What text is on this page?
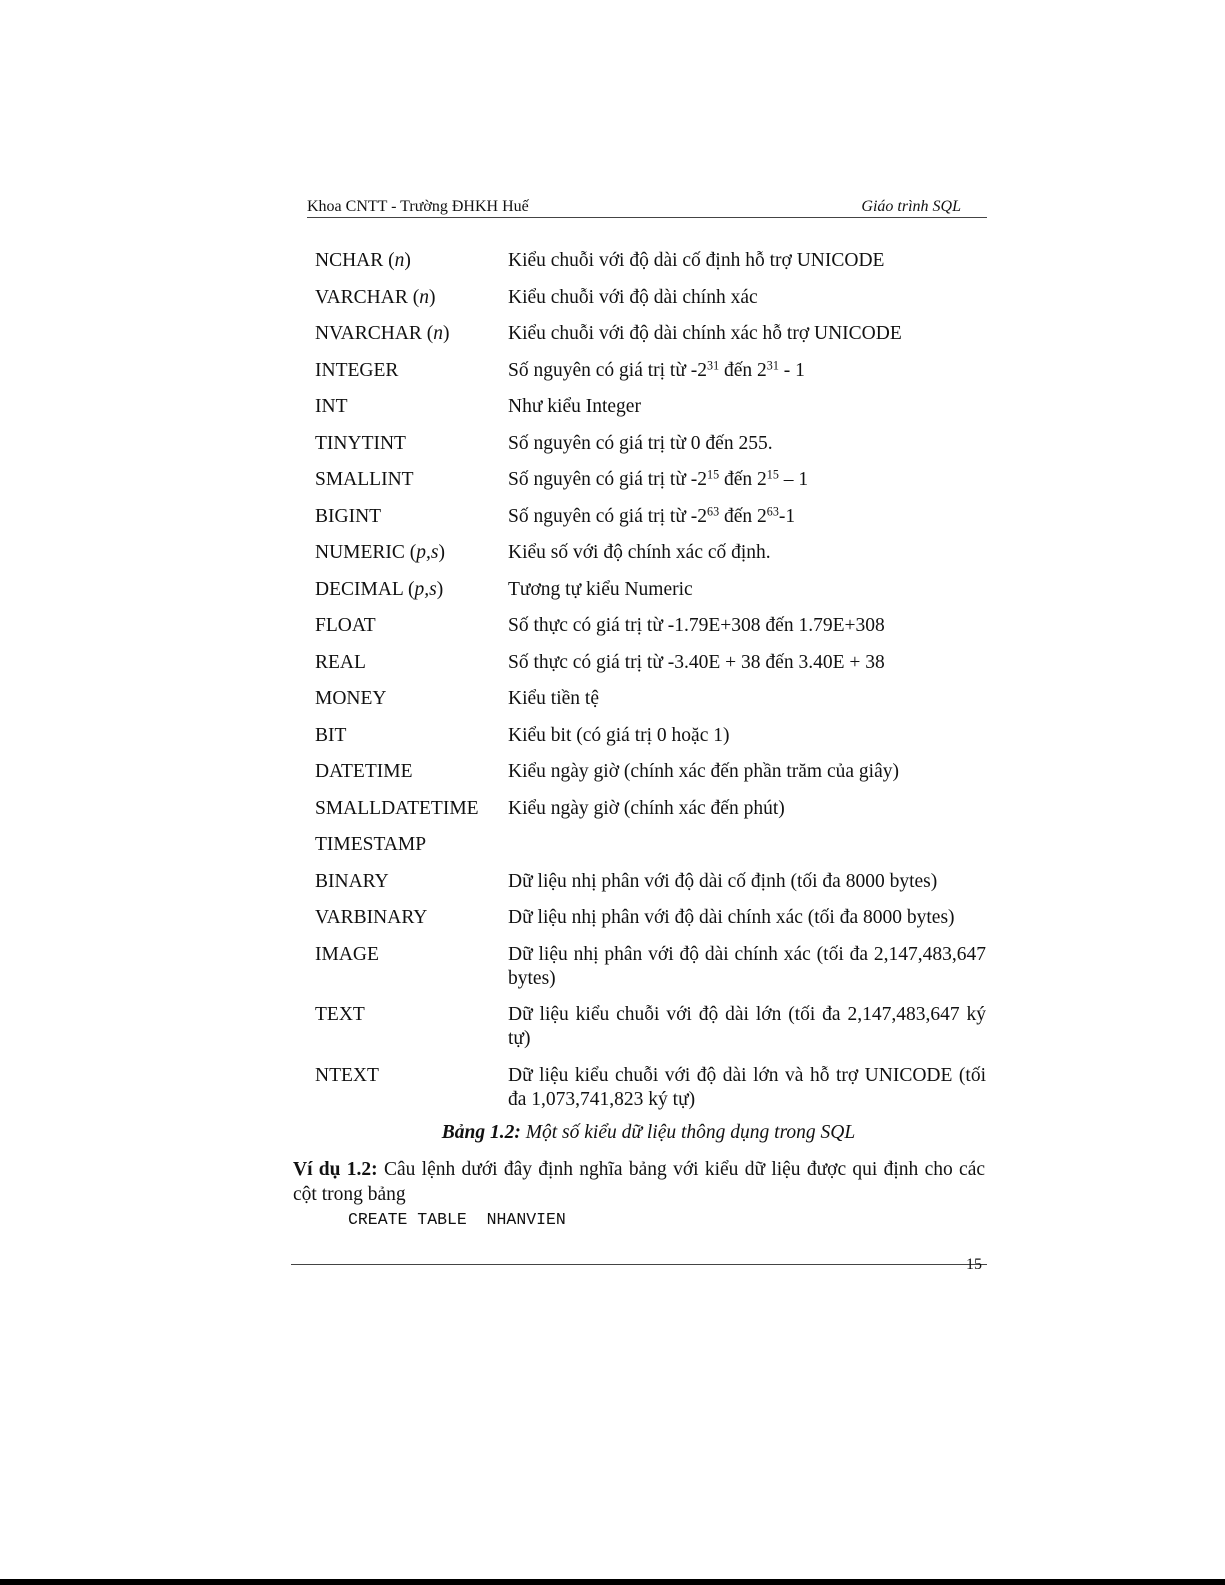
Khoa CNTT - Trường ĐHKH Huế	Giáo trình SQL
NCHAR (n)	Kiểu chuỗi với độ dài cố định hỗ trợ UNICODE
VARCHAR (n)	Kiểu chuỗi với độ dài chính xác
NVARCHAR (n)	Kiểu chuỗi với độ dài chính xác hỗ trợ UNICODE
INTEGER	Số nguyên có giá trị từ $-2^{31}$ đến $2^{31} - 1$
INT	Như kiểu Integer
TINYTINT	Số nguyên có giá trị từ 0 đến 255.
SMALLINT	Số nguyên có giá trị từ $-2^{15}$ đến $2^{15} - 1$
BIGINT	Số nguyên có giá trị từ $-2^{63}$ đến $2^{63}-1$
NUMERIC (p,s)	Kiểu số với độ chính xác cố định.
DECIMAL (p,s)	Tương tự kiểu Numeric
FLOAT	Số thực có giá trị từ -1.79E+308 đến 1.79E+308
REAL	Số thực có giá trị từ -3.40E + 38 đến 3.40E + 38
MONEY	Kiểu tiền tệ
BIT	Kiểu bit (có giá trị 0 hoặc 1)
DATETIME	Kiểu ngày giờ (chính xác đến phần trăm của giây)
SMALLDATETIME	Kiểu ngày giờ (chính xác đến phút)
TIMESTAMP
BINARY	Dữ liệu nhị phân với độ dài cố định (tối đa 8000 bytes)
VARBINARY	Dữ liệu nhị phân với độ dài chính xác (tối đa 8000 bytes)
IMAGE	Dữ liệu nhị phân với độ dài chính xác (tối đa 2,147,483,647 bytes)
TEXT	Dữ liệu kiểu chuỗi với độ dài lớn (tối đa 2,147,483,647 ký tự)
NTEXT	Dữ liệu kiểu chuỗi với độ dài lớn và hỗ trợ UNICODE (tối đa 1,073,741,823 ký tự)
Bảng 1.2: Một số kiểu dữ liệu thông dụng trong SQL
Ví dụ 1.2: Câu lệnh dưới đây định nghĩa bảng với kiểu dữ liệu được qui định cho các cột trong bảng
CREATE TABLE  NHANVIEN
15
